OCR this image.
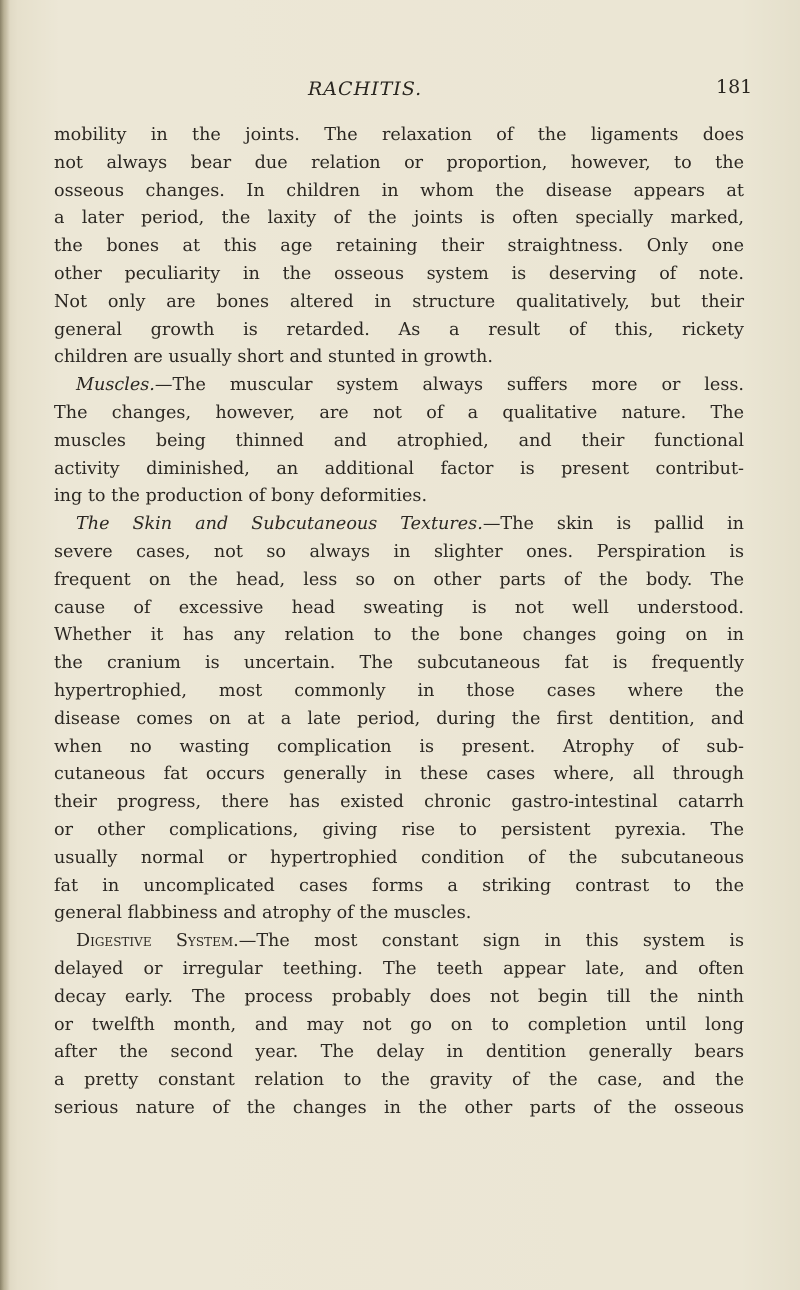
RACHITIS.	181
mobility in the joints. The relaxation of the ligaments does
not always bear due relation or proportion, however, to the
osseous changes. In children in whom the disease appears at
a later period, the laxity of the joints is often specially marked,
the bones at this age retaining their straightness. Only one
other peculiarity in the osseous system is deserving of note.
Not only are bones altered in structure qualitatively, but their
general growth is retarded. As a result of this, rickety
children are usually short and stunted in growth.
Muscles.—The muscular system always suffers more or less.
The changes, however, are not of a qualitative nature. The
muscles being thinned and atrophied, and their functional
activity diminished, an additional factor is present contribut-
ing to the production of bony deformities.
The Skin and Subcutaneous Textures.—The skin is pallid in
severe cases, not so always in slighter ones. Perspiration is
frequent on the head, less so on other parts of the body. The
cause of excessive head sweating is not well understood.
Whether it has any relation to the bone changes going on in
the cranium is uncertain. The subcutaneous fat is frequently
hypertrophied, most commonly in those cases where the
disease comes on at a late period, during the first dentition, and
when no wasting complication is present. Atrophy of sub-
cutaneous fat occurs generally in these cases where, all through
their progress, there has existed chronic gastro-intestinal catarrh
or other complications, giving rise to persistent pyrexia. The
usually normal or hypertrophied condition of the subcutaneous
fat in uncomplicated cases forms a striking contrast to the
general flabbiness and atrophy of the muscles.
Digestive System.—The most constant sign in this system is
delayed or irregular teething. The teeth appear late, and often
decay early. The process probably does not begin till the ninth
or twelfth month, and may not go on to completion until long
after the second year. The delay in dentition generally bears
a pretty constant relation to the gravity of the case, and the
serious nature of the changes in the other parts of the osseous
